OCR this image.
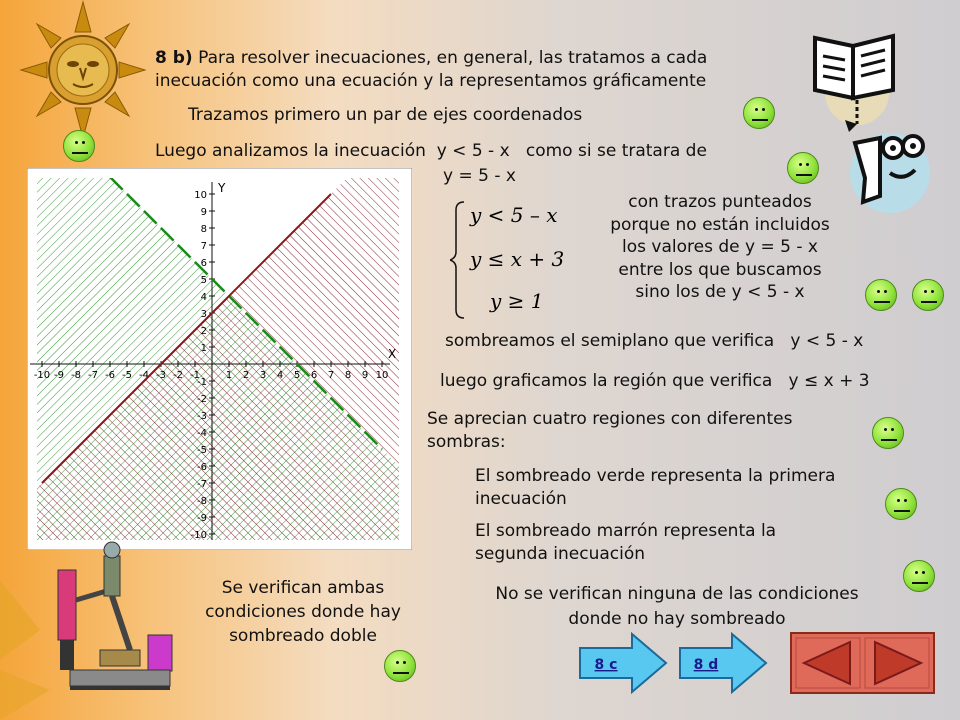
8 b) Para resolver inecuaciones, en general, las tratamos a cada
inecuación como una ecuación y la representamos gráficamente
Trazamos primero un par de ejes coordenados
Luego analizamos la inecuación y < 5 - x como si se tratara de
y = 5 - x
-10 -9 -8 -7 -6 -5 -4 -3 -2 -1	1 2 3 4 5 6 7 8 9 10
10
9
8
7
6
5
4
3
2
1
-1
-2
-3
-4
-5
-6
-7
-8
-9
-10
X
Y
y < 5 – x
y ≤ x + 3
y ≥ 1
con trazos punteados
porque no están incluidos
los valores de y = 5 - x
entre los que buscamos
sino los de y < 5 - x
sombreamos el semiplano que verifica y < 5 - x
luego graficamos la región que verifica y ≤ x + 3
Se aprecian cuatro regiones con diferentes
sombras:
El sombreado verde representa la primera
inecuación
El sombreado marrón representa la
segunda inecuación
No se verifican ninguna de las condiciones
donde no hay sombreado
Se verifican ambas
condiciones donde hay
sombreado doble
8 c	8 d
